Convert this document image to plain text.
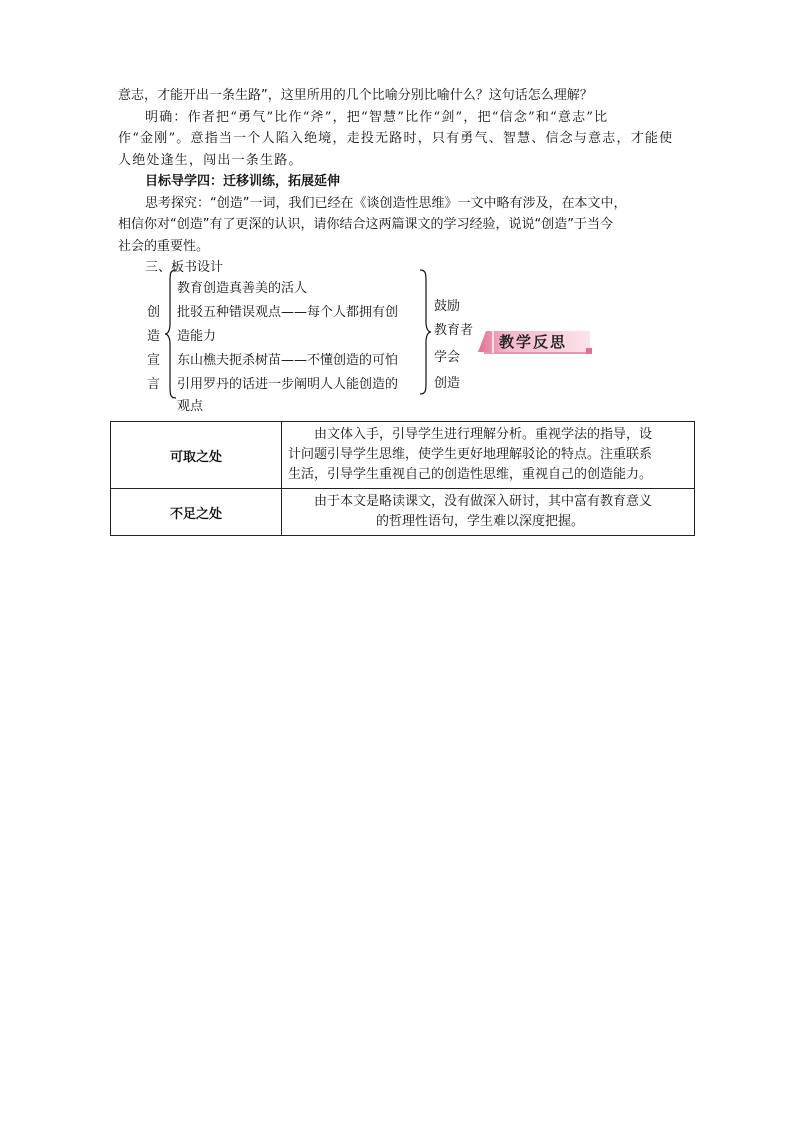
意志，才能开出一条生路”，这里所用的几个比喻分别比喻什么？这句话怎么理解？
明确：作者把“勇气”比作“斧”，把“智慧”比作“剑”，把“信念”和“意志”比
作“金刚”。意指当一个人陷入绝境，走投无路时，只有勇气、智慧、信念与意志，才能使
人绝处逢生，闯出一条生路。
目标导学四：迁移训练，拓展延伸
思考探究：“创造”一词，我们已经在《谈创造性思维》一文中略有涉及，在本文中，
相信你对“创造”有了更深的认识，请你结合这两篇课文的学习经验，说说“创造”于当今
社会的重要性。
三、板书设计
创
造
宣
言
教育创造真善美的活人
批驳五种错误观点——每个人都拥有创
造能力
东山樵夫扼杀树苗——不懂创造的可怕
引用罗丹的话进一步阐明人人能创造的
观点
鼓励
教育者
学会
创造
教学反思
可取之处	由文体入手，引导学生进行理解分析。重视学法的指导，设
计问题引导学生思维，使学生更好地理解驳论的特点。注重联系
生活，引导学生重视自己的创造性思维，重视自己的创造能力。

不足之处	由于本文是略读课文，没有做深入研讨，其中富有教育意义
的哲理性语句，学生难以深度把握。
